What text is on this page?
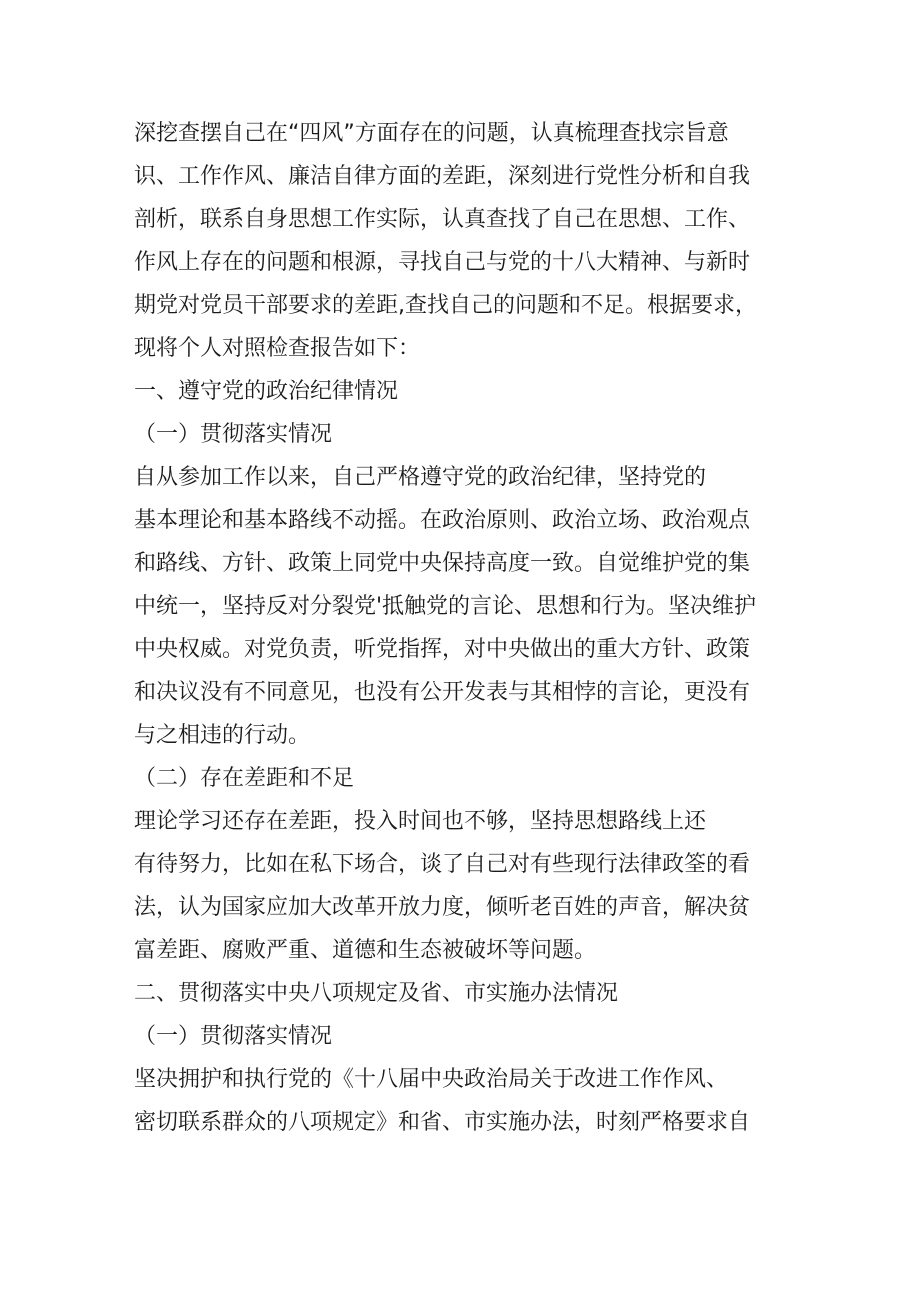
深挖查摆自己在“四风”方面存在的问题，认真梳理查找宗旨意

识、工作作风、廉洁自律方面的差距，深刻进行党性分析和自我

剖析，联系自身思想工作实际，认真查找了自己在思想、工作、

作风上存在的问题和根源，寻找自己与党的十八大精神、与新时

期党对党员干部要求的差距,查找自己的问题和不足。根据要求，

现将个人对照检查报告如下：

一、遵守党的政治纪律情况

（一）贯彻落实情况

自从参加工作以来，自己严格遵守党的政治纪律，坚持党的

基本理论和基本路线不动摇。在政治原则、政治立场、政治观点

和路线、方针、政策上同党中央保持高度一致。自觉维护党的集

中统一，坚持反对分裂党'抵触党的言论、思想和行为。坚决维护

中央权威。对党负责，听党指挥，对中央做出的重大方针、政策

和决议没有不同意见，也没有公开发表与其相悖的言论，更没有

与之相违的行动。

（二）存在差距和不足

理论学习还存在差距，投入时间也不够，坚持思想路线上还

有待努力，比如在私下场合，谈了自己对有些现行法律政筌的看

法，认为国家应加大改革开放力度，倾听老百姓的声音，解决贫

富差距、腐败严重、道德和生态被破坏等问题。

二、贯彻落实中央八项规定及省、市实施办法情况

（一）贯彻落实情况

坚决拥护和执行党的《十八届中央政治局关于改进工作作风、

密切联系群众的八项规定》和省、市实施办法，时刻严格要求自
